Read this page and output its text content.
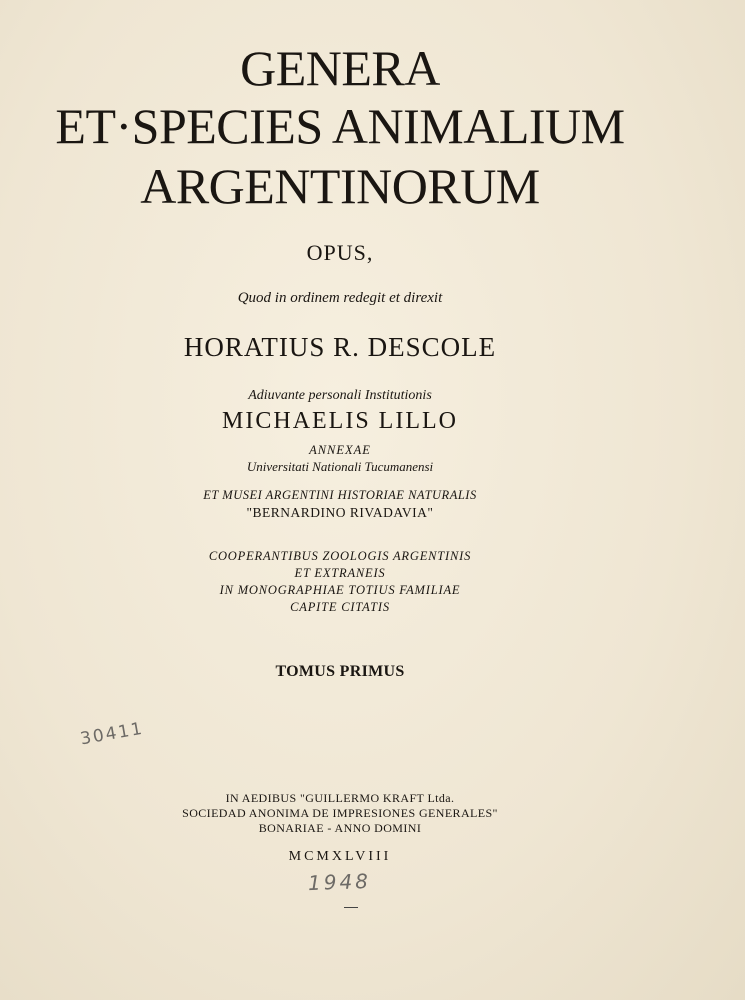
GENERA
ET·SPECIES ANIMALIUM
ARGENTINORUM
OPUS,
Quod in ordinem redegit et direxit
HORATIUS R. DESCOLE
Adiuvante personali Institutionis
MICHAELIS LILLO
ANNEXAE
Universitati Nationali Tucumanensi
ET MUSEI ARGENTINI HISTORIAE NATURALIS
"BERNARDINO RIVADAVIA"
COOPERANTIBUS ZOOLOGIS ARGENTINIS
ET EXTRANEIS
IN MONOGRAPHIAE TOTIUS FAMILIAE
CAPITE CITATIS
TOMUS PRIMUS
30411
IN AEDIBUS "GUILLERMO KRAFT Ltda.
SOCIEDAD ANONIMA DE IMPRESIONES GENERALES"
BONARIAE - ANNO DOMINI
MCMXLVIII
1948
